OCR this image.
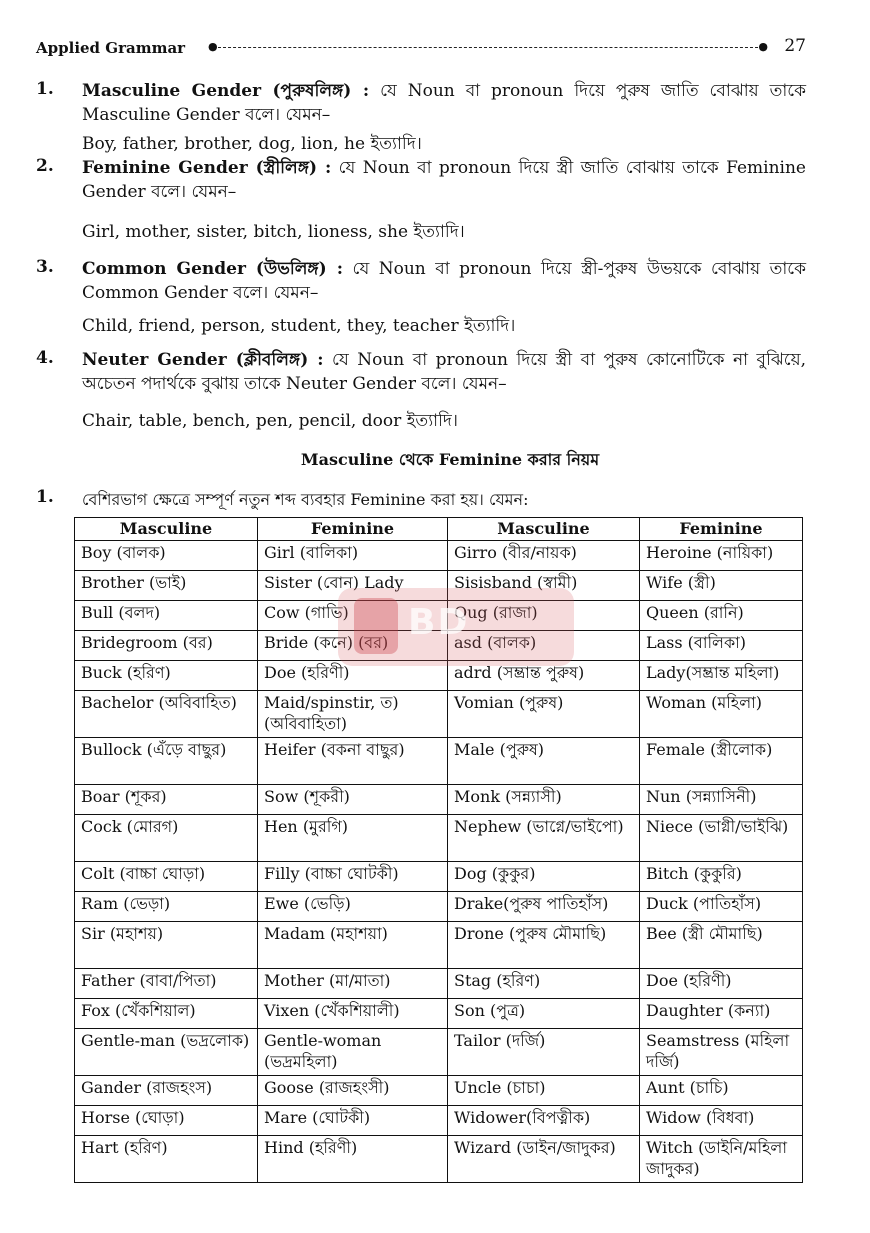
Applied Grammar ●	● 27
1. Masculine Gender (পুরুষলিঙ্গ) : যে Noun বা pronoun দিয়ে পুরুষ জাতি বোঝায় তাকে Masculine Gender বলে। যেমন–
Boy, father, brother, dog, lion, he ইত্যাদি।
2. Feminine Gender (স্ত্রীলিঙ্গ) : যে Noun বা pronoun দিয়ে স্ত্রী জাতি বোঝায় তাকে Feminine Gender বলে। যেমন–
Girl, mother, sister, bitch, lioness, she ইত্যাদি।
3. Common Gender (উভলিঙ্গ) : যে Noun বা pronoun দিয়ে স্ত্রী-পুরুষ উভয়কে বোঝায় তাকে Common Gender বলে। যেমন–
Child, friend, person, student, they, teacher ইত্যাদি।
4. Neuter Gender (ক্লীবলিঙ্গ) : যে Noun বা pronoun দিয়ে স্ত্রী বা পুরুষ কোনোটিকে না বুঝিয়ে, অচেতন পদার্থকে বুঝায় তাকে Neuter Gender বলে। যেমন–
Chair, table, bench, pen, pencil, door ইত্যাদি।
Masculine থেকে Feminine করার নিয়ম
1. বেশিরভাগ ক্ষেত্রে সম্পূর্ণ নতুন শব্দ ব্যবহার Feminine করা হয়। যেমন:
Masculine	Feminine	Masculine	Feminine
Boy (বালক)	Girl (বালিকা)	Girro (বীর/নায়ক)	Heroine (নায়িকা)
Brother (ভাই)	Sister (বোন) Lady	Sisisband (স্বামী)	Wife (স্ত্রী)
Bull (বলদ)	Cow (গাভি)	Qug (রাজা)	Queen (রানি)
Bridegroom (বর)	Bride (কনে) (বর)	asd (বালক)	Lass (বালিকা)
Buck (হরিণ)	Doe (হরিণী)	adrd (সম্ভ্রান্ত পুরুষ)	Lady(সম্ভ্রান্ত মহিলা)
Bachelor (অবিবাহিত)	Maid/spinstir, ত) (অবিবাহিতা)	Vomian (পুরুষ)	Woman (মহিলা)
Bullock (এঁড়ে বাছুর)	Heifer (বকনা বাছুর)	Male (পুরুষ)	Female (স্ত্রীলোক)
Boar (শূকর)	Sow (শূকরী)	Monk (সন্ন্যাসী)	Nun (সন্ন্যাসিনী)
Cock (মোরগ)	Hen (মুরগি)	Nephew (ভাগ্নে/ভাইপো)	Niece (ভাগ্নী/ভাইঝি)
Colt (বাচ্চা ঘোড়া)	Filly (বাচ্চা ঘোটকী)	Dog (কুকুর)	Bitch (কুকুরি)
Ram (ভেড়া)	Ewe (ভেড়ি)	Drake(পুরুষ পাতিহাঁস)	Duck (পাতিহাঁস)
Sir (মহাশয়)	Madam (মহাশয়া)	Drone (পুরুষ মৌমাছি)	Bee (স্ত্রী মৌমাছি)
Father (বাবা/পিতা)	Mother (মা/মাতা)	Stag (হরিণ)	Doe (হরিণী)
Fox (খেঁকশিয়াল)	Vixen (খেঁকশিয়ালী)	Son (পুত্র)	Daughter (কন্যা)
Gentle-man (ভদ্রলোক)	Gentle-woman (ভদ্রমহিলা)	Tailor (দর্জি)	Seamstress (মহিলা দর্জি)
Gander (রাজহংস)	Goose (রাজহংসী)	Uncle (চাচা)	Aunt (চাচি)
Horse (ঘোড়া)	Mare (ঘোটকী)	Widower(বিপত্নীক)	Widow (বিধবা)
Hart (হরিণ)	Hind (হরিণী)	Wizard (ডাইন/জাদুকর)	Witch (ডাইনি/মহিলা জাদুকর)
BD
